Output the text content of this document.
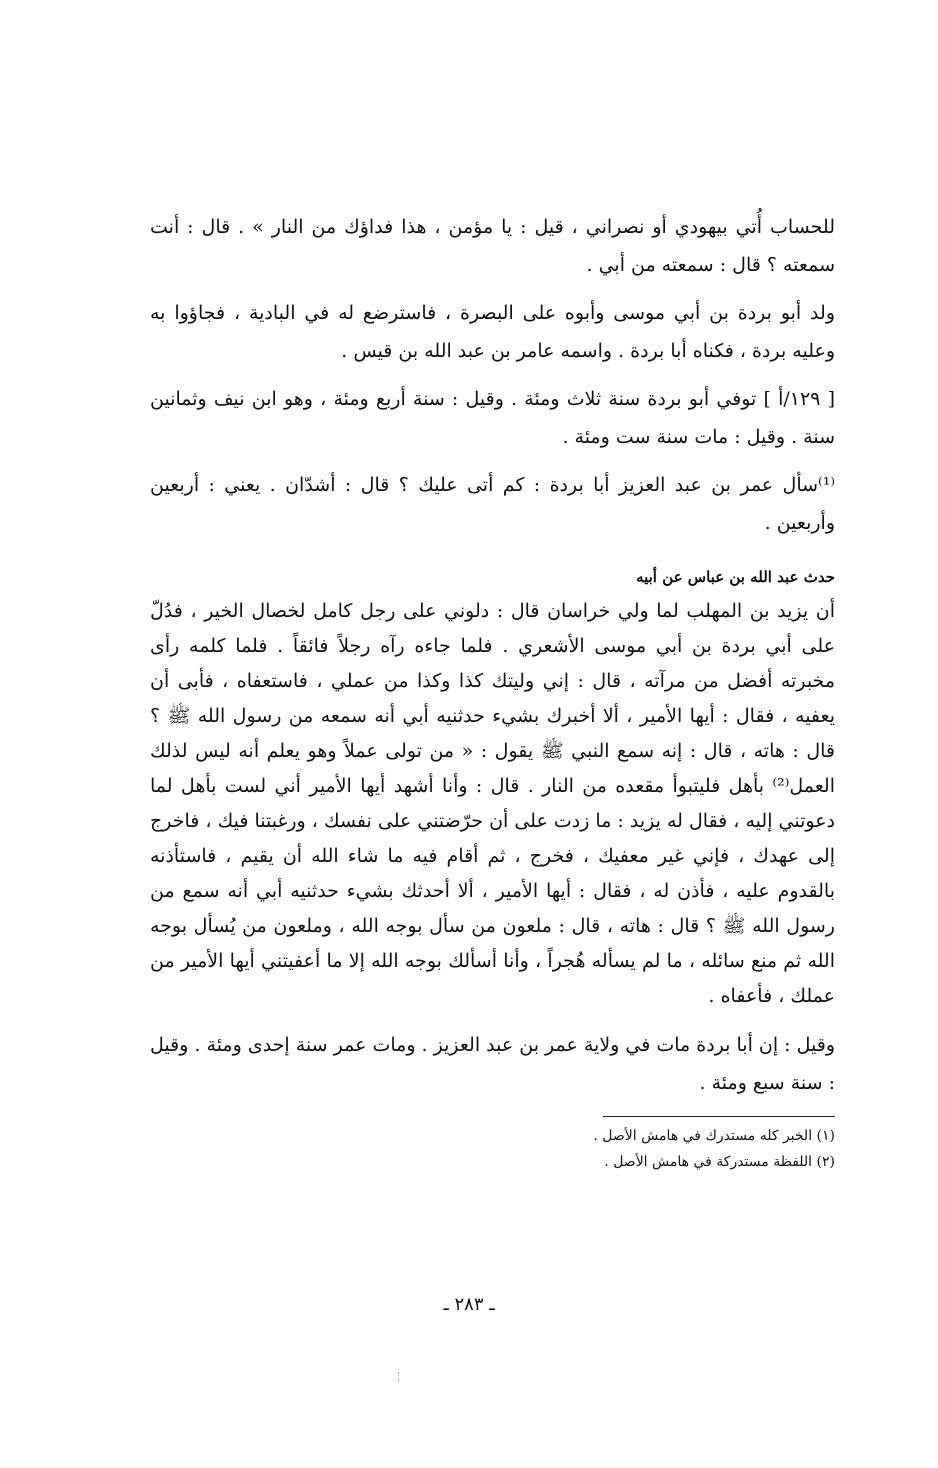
للحساب أُتي بيهودي أو نصراني ، قيل : يا مؤمن ، هذا فداؤك من النار » . قال : أنت سمعته ؟ قال : سمعته من أبي .

ولد أبو بردة بن أبي موسى وأبوه على البصرة ، فاسترضع له في البادية ، فجاؤوا به وعليه بردة ، فكناه أبا بردة . واسمه عامر بن عبد الله بن قيس .

[ ١٢٩/أ ] توفي أبو بردة سنة ثلاث ومئة . وقيل : سنة أربع ومئة ، وهو ابن نيف وثمانين سنة . وقيل : مات سنة ست ومئة .

⁽¹⁾سأل عمر بن عبد العزيز أبا بردة : كم أتى عليك ؟ قال : أشدّان . يعني : أربعين وأربعين .

حدث عبد الله بن عباس عن أبيه

أن يزيد بن المهلب لما ولي خراسان قال : دلوني على رجل كامل لخصال الخير ، فدُلّ على أبي بردة بن أبي موسى الأشعري . فلما جاءه رآه رجلاً فائقاً . فلما كلمه رأى مخبرته أفضل من مرآته ، قال : إني وليتك كذا وكذا من عملي ، فاستعفاه ، فأبى أن يعفيه ، فقال : أيها الأمير ، ألا أخبرك بشيء حدثنيه أبي أنه سمعه من رسول الله ﷺ ؟ قال : هاته ، قال : إنه سمع النبي ﷺ يقول : « من تولى عملاً وهو يعلم أنه ليس لذلك العمل⁽²⁾ بأهل فليتبوأ مقعده من النار . قال : وأنا أشهد أيها الأمير أني لست بأهل لما دعوتني إليه ، فقال له يزيد : ما زدت على أن حرّضتني على نفسك ، ورغبتنا فيك ، فاخرج إلى عهدك ، فإني غير معفيك ، فخرج ، ثم أقام فيه ما شاء الله أن يقيم ، فاستأذنه بالقدوم عليه ، فأذن له ، فقال : أيها الأمير ، ألا أحدثك بشيء حدثنيه أبي أنه سمع من رسول الله ﷺ ؟ قال : هاته ، قال : ملعون من سأل بوجه الله ، وملعون من يُسأل بوجه الله ثم منع سائله ، ما لم يسأله هُجراً ، وأنا أسألك بوجه الله إلا ما أعفيتني أيها الأمير من عملك ، فأعفاه .

وقيل : إن أبا بردة مات في ولاية عمر بن عبد العزيز . ومات عمر سنة إحدى ومئة . وقيل : سنة سبع ومئة .

(١) الخبر كله مستدرك في هامش الأصل .

(٢) اللفظة مستدركة في هامش الأصل .

ـ ٢٨٣ ـ
